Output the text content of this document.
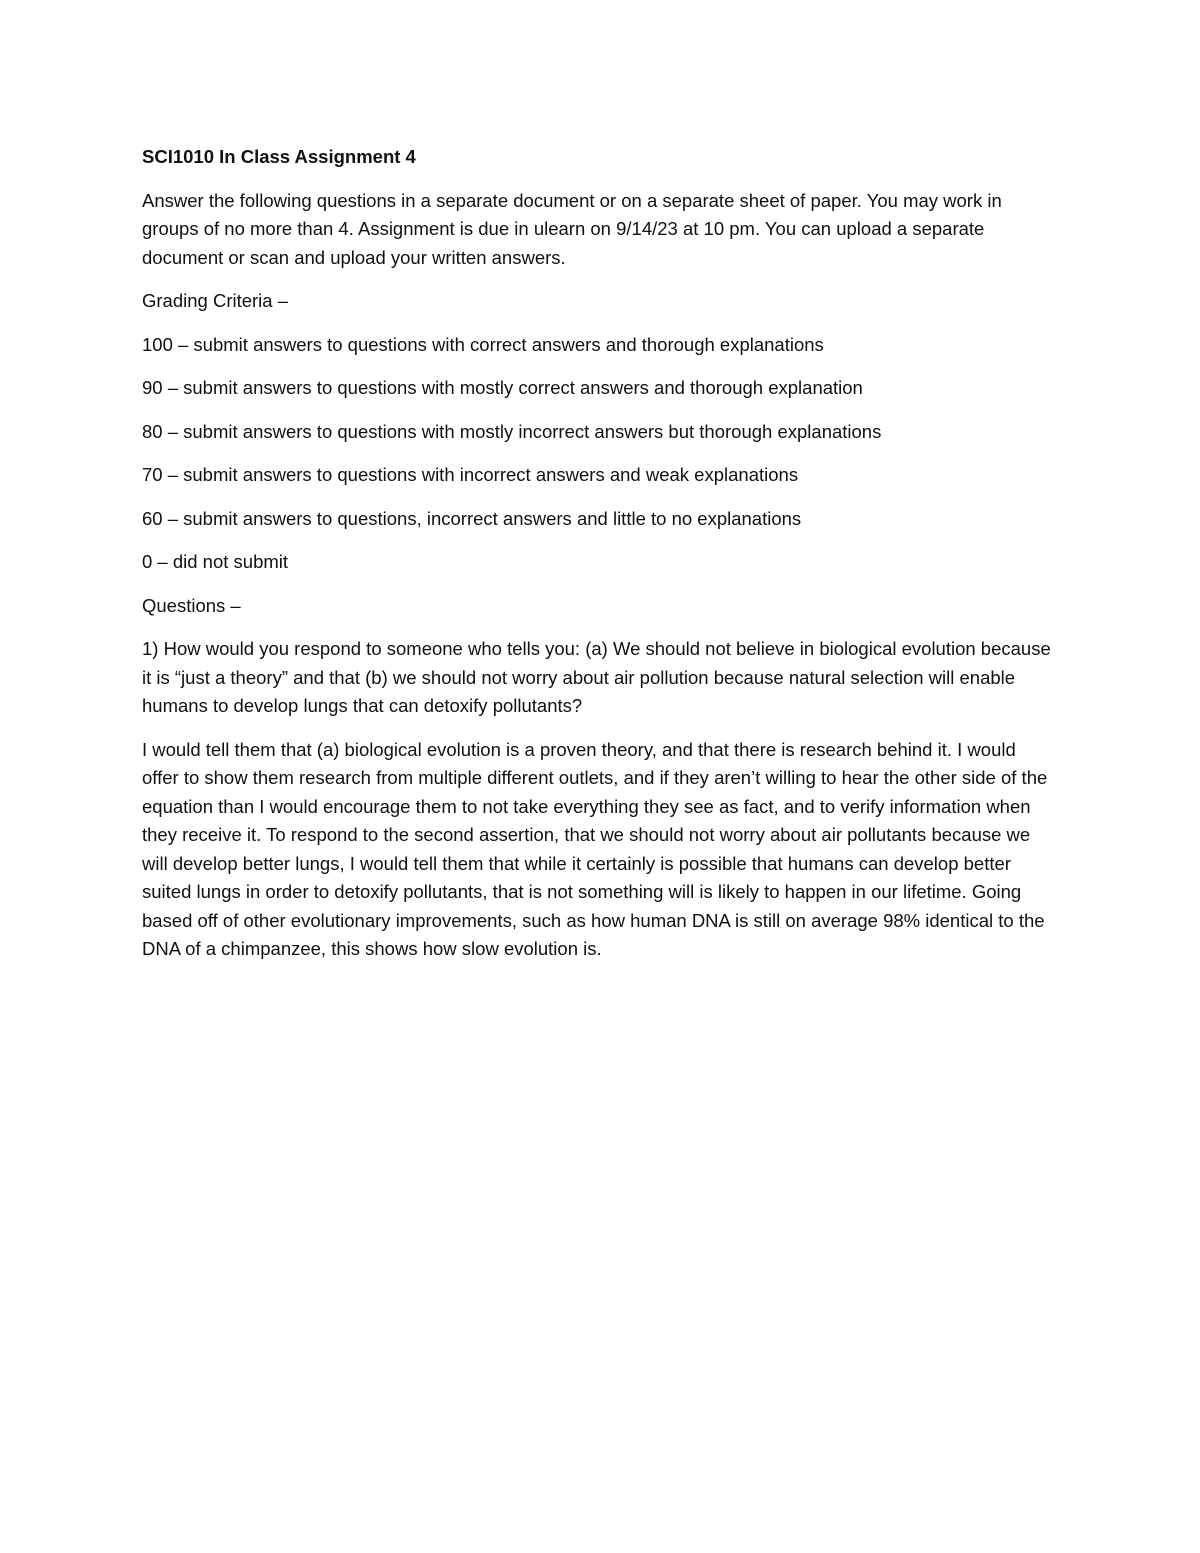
SCI1010 In Class Assignment 4

Answer the following questions in a separate document or on a separate sheet of paper. You may work in groups of no more than 4. Assignment is due in ulearn on 9/14/23 at 10 pm. You can upload a separate document or scan and upload your written answers.

Grading Criteria –

100 – submit answers to questions with correct answers and thorough explanations
90 – submit answers to questions with mostly correct answers and thorough explanation
80 – submit answers to questions with mostly incorrect answers but thorough explanations
70 – submit answers to questions with incorrect answers and weak explanations
60 – submit answers to questions, incorrect answers and little to no explanations
0 – did not submit

Questions –

1) How would you respond to someone who tells you: (a) We should not believe in biological evolution because it is “just a theory” and that (b) we should not worry about air pollution because natural selection will enable humans to develop lungs that can detoxify pollutants?

I would tell them that (a) biological evolution is a proven theory, and that there is research behind it. I would offer to show them research from multiple different outlets, and if they aren’t willing to hear the other side of the equation than I would encourage them to not take everything they see as fact, and to verify information when they receive it. To respond to the second assertion, that we should not worry about air pollutants because we will develop better lungs, I would tell them that while it certainly is possible that humans can develop better suited lungs in order to detoxify pollutants, that is not something will is likely to happen in our lifetime. Going based off of other evolutionary improvements, such as how human DNA is still on average 98% identical to the DNA of a chimpanzee, this shows how slow evolution is.
